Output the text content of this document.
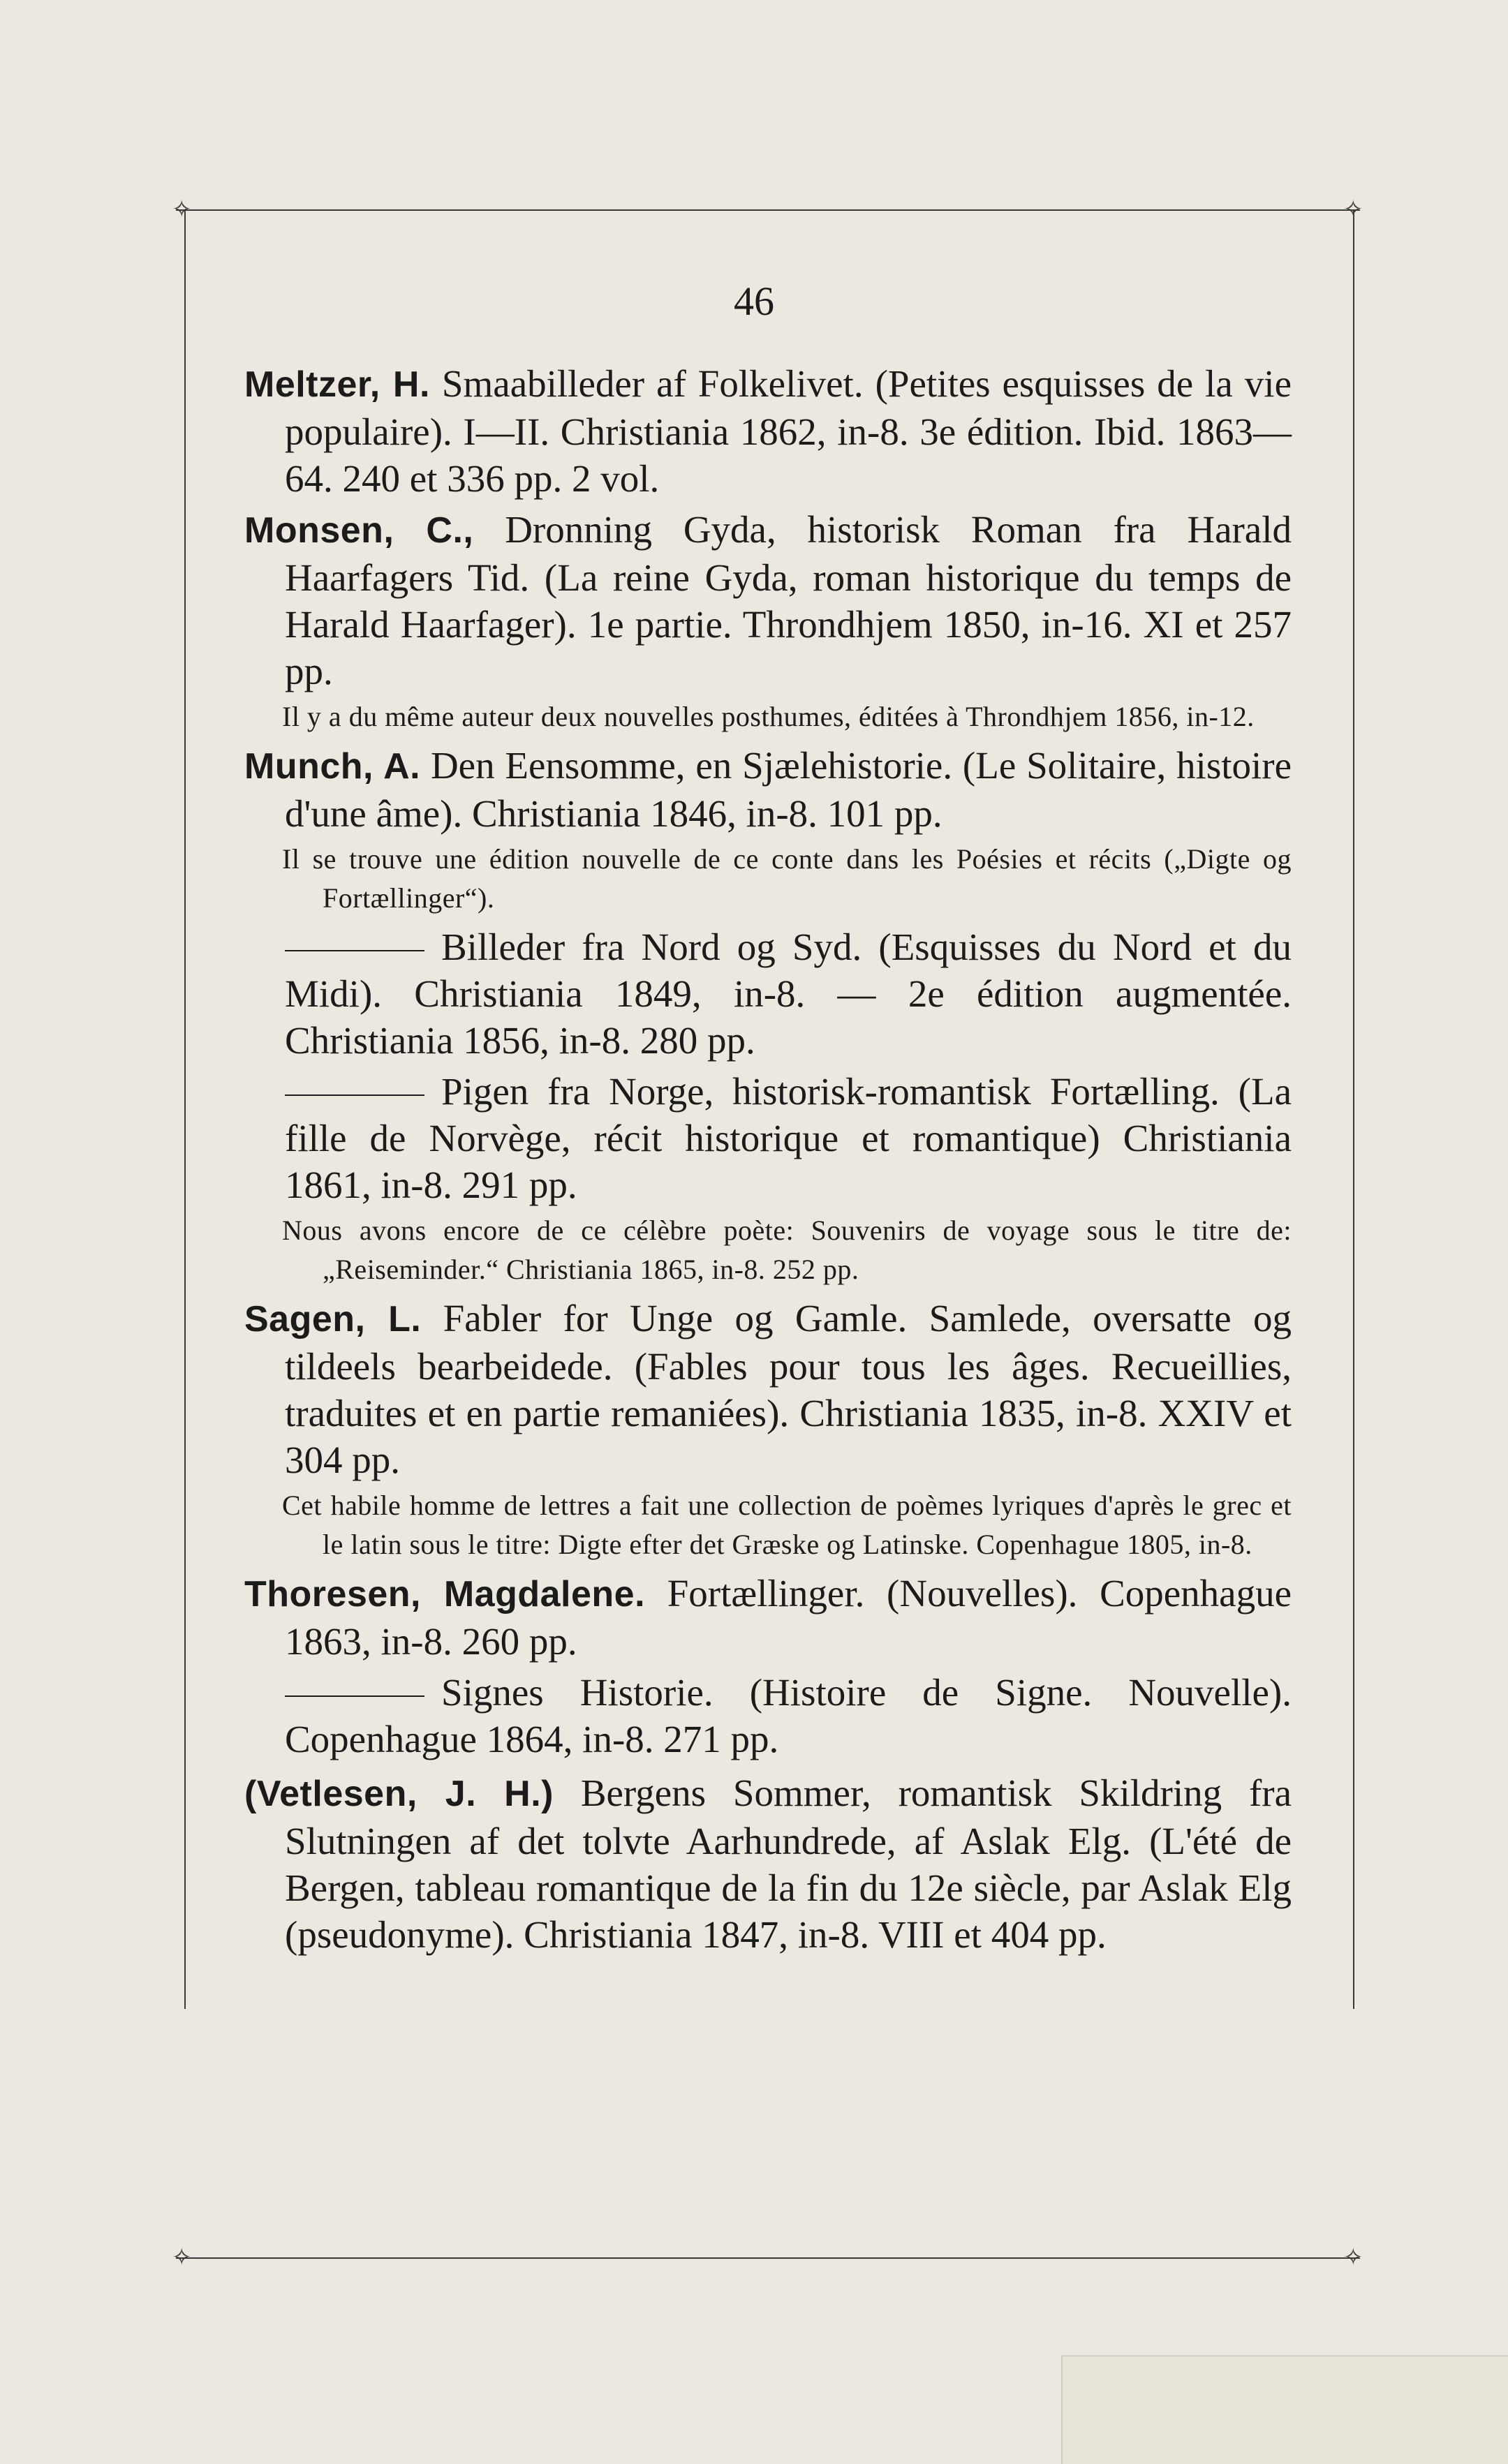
✧	✧
✧	✧
46

Meltzer, H. Smaabilleder af Folkelivet. (Petites esquisses de la vie populaire). I—II. Christiania 1862, in-8. 3e édition. Ibid. 1863—64. 240 et 336 pp. 2 vol.

Monsen, C., Dronning Gyda, historisk Roman fra Harald Haarfagers Tid. (La reine Gyda, roman historique du temps de Harald Haarfager). 1e partie. Throndhjem 1850, in-16. XI et 257 pp.

Il y a du même auteur deux nouvelles posthumes, éditées à Throndhjem 1856, in-12.

Munch, A. Den Eensomme, en Sjælehistorie. (Le Solitaire, histoire d'une âme). Christiania 1846, in-8. 101 pp.

Il se trouve une édition nouvelle de ce conte dans les Poésies et récits („Digte og Fortællinger“).

Billeder fra Nord og Syd. (Esquisses du Nord et du Midi). Christiania 1849, in-8. — 2e édition augmentée. Christiania 1856, in-8. 280 pp.

Pigen fra Norge, historisk-romantisk Fortælling. (La fille de Norvège, récit historique et romantique) Christiania 1861, in-8. 291 pp.

Nous avons encore de ce célèbre poète: Souvenirs de voyage sous le titre de: „Reiseminder.“ Christiania 1865, in-8. 252 pp.

Sagen, L. Fabler for Unge og Gamle. Samlede, oversatte og tildeels bearbeidede. (Fables pour tous les âges. Recueillies, traduites et en partie remaniées). Christiania 1835, in-8. XXIV et 304 pp.

Cet habile homme de lettres a fait une collection de poèmes lyriques d'après le grec et le latin sous le titre: Digte efter det Græske og Latinske. Copenhague 1805, in-8.

Thoresen, Magdalene. Fortællinger. (Nouvelles). Copenhague 1863, in-8. 260 pp.

Signes Historie. (Histoire de Signe. Nouvelle). Copenhague 1864, in-8. 271 pp.

(Vetlesen, J. H.) Bergens Sommer, romantisk Skildring fra Slutningen af det tolvte Aarhundrede, af Aslak Elg. (L'été de Bergen, tableau romantique de la fin du 12e siècle, par Aslak Elg (pseudonyme). Christiania 1847, in-8. VIII et 404 pp.
